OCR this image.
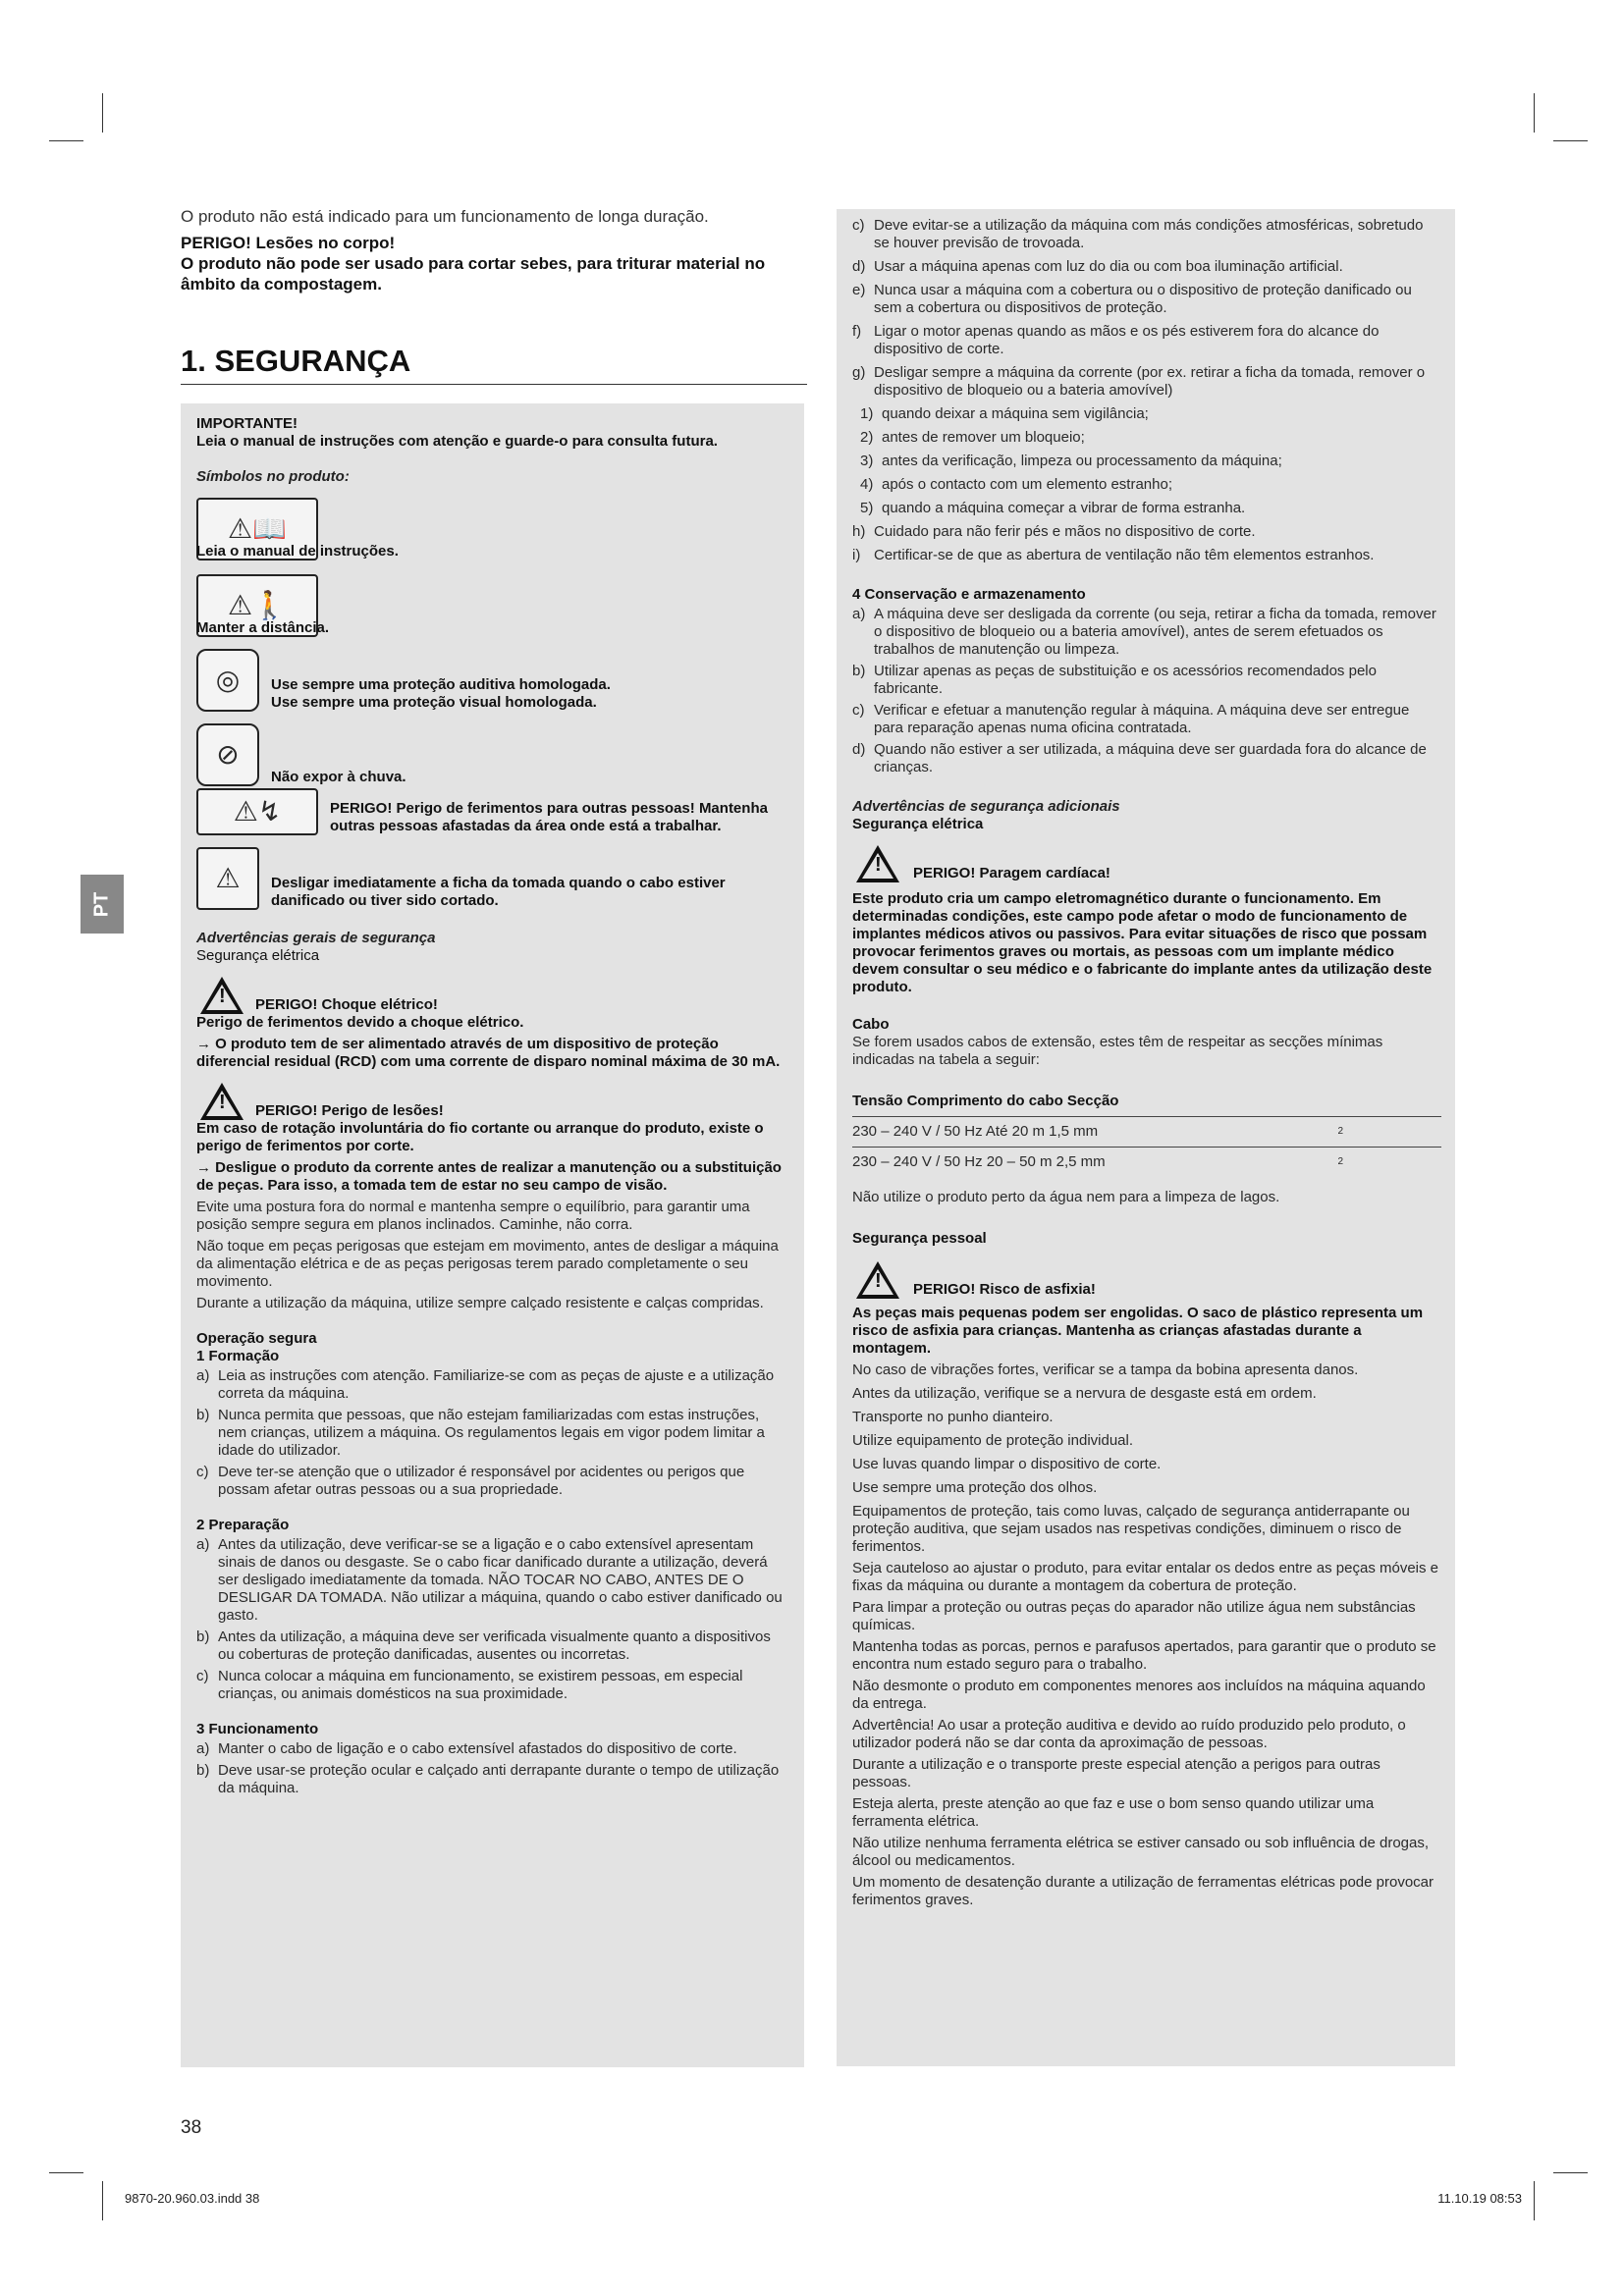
O produto não está indicado para um funcionamento de longa duração.
PERIGO! Lesões no corpo!
O produto não pode ser usado para cortar sebes, para triturar material no âmbito da compostagem.
1. SEGURANÇA
PT

IMPORTANTE!

Leia o manual de instruções com atenção e guarde-o para consulta futura.

Símbolos no produto:

⚠📖
Leia o manual de instruções.
⚠🚶
Manter a distância.
◎	Use sempre uma proteção auditiva homologada.
Use sempre uma proteção visual homologada.
⊘
Não expor à chuva.
⚠↯	PERIGO! Perigo de ferimentos para outras pessoas! Mantenha outras pessoas afastadas da área onde está a trabalhar.
⚠	Desligar imediatamente a ficha da tomada quando o cabo estiver danificado ou tiver sido cortado.

Advertências gerais de segurança

Segurança elétrica

! PERIGO! Choque elétrico!

Perigo de ferimentos devido a choque elétrico.

→ O produto tem de ser alimentado através de um dispositivo de proteção diferencial residual (RCD) com uma corrente de disparo nominal máxima de 30 mA.

! PERIGO! Perigo de lesões!

Em caso de rotação involuntária do fio cortante ou arranque do produto, existe o perigo de ferimentos por corte.

→ Desligue o produto da corrente antes de realizar a manutenção ou a substituição de peças. Para isso, a tomada tem de estar no seu campo de visão.

Evite uma postura fora do normal e mantenha sempre o equilíbrio, para garantir uma posição sempre segura em planos inclinados. Caminhe, não corra.

Não toque em peças perigosas que estejam em movimento, antes de desligar a máquina da alimentação elétrica e de as peças perigosas terem parado completamente o seu movimento.

Durante a utilização da máquina, utilize sempre calçado resistente e calças compridas.

Operação segura

1 Formação

a) Leia as instruções com atenção. Familiarize-se com as peças de ajuste e a utilização correta da máquina.
b) Nunca permita que pessoas, que não estejam familiarizadas com estas instruções, nem crianças, utilizem a máquina. Os regulamentos legais em vigor podem limitar a idade do utilizador.
c) Deve ter-se atenção que o utilizador é responsável por acidentes ou perigos que possam afetar outras pessoas ou a sua propriedade.

2 Preparação

a) Antes da utilização, deve verificar-se se a ligação e o cabo extensível apresentam sinais de danos ou desgaste. Se o cabo ficar danificado durante a utilização, deverá ser desligado imediatamente da tomada. NÃO TOCAR NO CABO, ANTES DE O DESLIGAR DA TOMADA. Não utilizar a máquina, quando o cabo estiver danificado ou gasto.
b) Antes da utilização, a máquina deve ser verificada visualmente quanto a dispositivos ou coberturas de proteção danificadas, ausentes ou incorretas.
c) Nunca colocar a máquina em funcionamento, se existirem pessoas, em especial crianças, ou animais domésticos na sua proximidade.

3 Funcionamento

a) Manter o cabo de ligação e o cabo extensível afastados do dispositivo de corte.
b) Deve usar-se proteção ocular e calçado anti derrapante durante o tempo de utilização da máquina.
c) Deve evitar-se a utilização da máquina com más condições atmosféricas, sobretudo se houver previsão de trovoada.
d) Usar a máquina apenas com luz do dia ou com boa iluminação artificial.
e) Nunca usar a máquina com a cobertura ou o dispositivo de proteção danificado ou sem a cobertura ou dispositivos de proteção.
f) Ligar o motor apenas quando as mãos e os pés estiverem fora do alcance do dispositivo de corte.
g) Desligar sempre a máquina da corrente (por ex. retirar a ficha da tomada, remover o dispositivo de bloqueio ou a bateria amovível)
1) quando deixar a máquina sem vigilância;
2) antes de remover um bloqueio;
3) antes da verificação, limpeza ou processamento da máquina;
4) após o contacto com um elemento estranho;
5) quando a máquina começar a vibrar de forma estranha.
h) Cuidado para não ferir pés e mãos no dispositivo de corte.
i) Certificar-se de que as abertura de ventilação não têm elementos estranhos.

4 Conservação e armazenamento

a) A máquina deve ser desligada da corrente (ou seja, retirar a ficha da tomada, remover o dispositivo de bloqueio ou a bateria amovível), antes de serem efetuados os trabalhos de manutenção ou limpeza.
b) Utilizar apenas as peças de substituição e os acessórios recomendados pelo fabricante.
c) Verificar e efetuar a manutenção regular à máquina. A máquina deve ser entregue para reparação apenas numa oficina contratada.
d) Quando não estiver a ser utilizada, a máquina deve ser guardada fora do alcance de crianças.

Advertências de segurança adicionais

Segurança elétrica

! PERIGO! Paragem cardíaca!

Este produto cria um campo eletromagnético durante o funcionamento. Em determinadas condições, este campo pode afetar o modo de funcionamento de implantes médicos ativos ou passivos. Para evitar situações de risco que possam provocar ferimentos graves ou mortais, as pessoas com um implante médico devem consultar o seu médico e o fabricante do implante antes da utilização deste produto.

Cabo

Se forem usados cabos de extensão, estes têm de respeitar as secções mínimas indicadas na tabela a seguir:

Tensão Comprimento do cabo Secção
230 – 240 V / 50 Hz Até 20 m 1,5 mm	2
230 – 240 V / 50 Hz 20 – 50 m 2,5 mm	2

Não utilize o produto perto da água nem para a limpeza de lagos.

Segurança pessoal

! PERIGO! Risco de asfixia!

As peças mais pequenas podem ser engolidas. O saco de plástico representa um risco de asfixia para crianças. Mantenha as crianças afastadas durante a montagem.

No caso de vibrações fortes, verificar se a tampa da bobina apresenta danos.

Antes da utilização, verifique se a nervura de desgaste está em ordem.

Transporte no punho dianteiro.

Utilize equipamento de proteção individual.

Use luvas quando limpar o dispositivo de corte.

Use sempre uma proteção dos olhos.

Equipamentos de proteção, tais como luvas, calçado de segurança antiderrapante ou proteção auditiva, que sejam usados nas respetivas condições, diminuem o risco de ferimentos.

Seja cauteloso ao ajustar o produto, para evitar entalar os dedos entre as peças móveis e fixas da máquina ou durante a montagem da cobertura de proteção.

Para limpar a proteção ou outras peças do aparador não utilize água nem substâncias químicas.

Mantenha todas as porcas, pernos e parafusos apertados, para garantir que o produto se encontra num estado seguro para o trabalho.

Não desmonte o produto em componentes menores aos incluídos na máquina aquando da entrega.

Advertência! Ao usar a proteção auditiva e devido ao ruído produzido pelo produto, o utilizador poderá não se dar conta da aproximação de pessoas.

Durante a utilização e o transporte preste especial atenção a perigos para outras pessoas.

Esteja alerta, preste atenção ao que faz e use o bom senso quando utilizar uma ferramenta elétrica.

Não utilize nenhuma ferramenta elétrica se estiver cansado ou sob influência de drogas, álcool ou medicamentos.

Um momento de desatenção durante a utilização de ferramentas elétricas pode provocar ferimentos graves.

38
9870-20.960.03.indd 38	11.10.19 08:53
